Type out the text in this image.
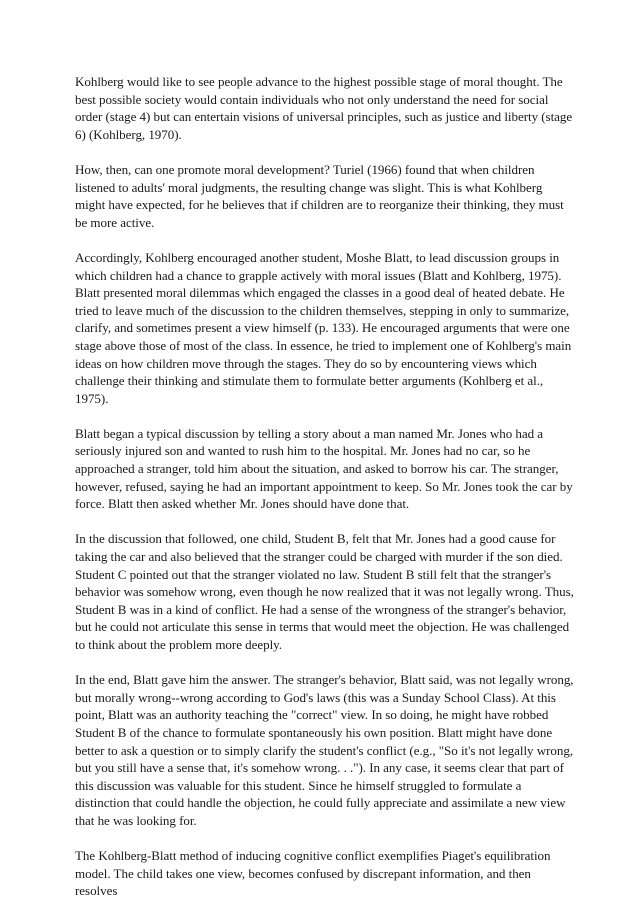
Kohlberg would like to see people advance to the highest possible stage of moral thought. The best possible society would contain individuals who not only understand the need for social order (stage 4) but can entertain visions of universal principles, such as justice and liberty (stage 6) (Kohlberg, 1970).

How, then, can one promote moral development? Turiel (1966) found that when children listened to adults' moral judgments, the resulting change was slight. This is what Kohlberg might have expected, for he believes that if children are to reorganize their thinking, they must be more active.

Accordingly, Kohlberg encouraged another student, Moshe Blatt, to lead discussion groups in which children had a chance to grapple actively with moral issues (Blatt and Kohlberg, 1975). Blatt presented moral dilemmas which engaged the classes in a good deal of heated debate. He tried to leave much of the discussion to the children themselves, stepping in only to summarize, clarify, and sometimes present a view himself (p. 133). He encouraged arguments that were one stage above those of most of the class. In essence, he tried to implement one of Kohlberg's main ideas on how children move through the stages. They do so by encountering views which challenge their thinking and stimulate them to formulate better arguments (Kohlberg et al., 1975).

Blatt began a typical discussion by telling a story about a man named Mr. Jones who had a seriously injured son and wanted to rush him to the hospital. Mr. Jones had no car, so he approached a stranger, told him about the situation, and asked to borrow his car. The stranger, however, refused, saying he had an important appointment to keep. So Mr. Jones took the car by force. Blatt then asked whether Mr. Jones should have done that.

In the discussion that followed, one child, Student B, felt that Mr. Jones had a good cause for taking the car and also believed that the stranger could be charged with murder if the son died. Student C pointed out that the stranger violated no law. Student B still felt that the stranger's behavior was somehow wrong, even though he now realized that it was not legally wrong. Thus, Student B was in a kind of conflict. He had a sense of the wrongness of the stranger's behavior, but he could not articulate this sense in terms that would meet the objection. He was challenged to think about the problem more deeply.

In the end, Blatt gave him the answer. The stranger's behavior, Blatt said, was not legally wrong, but morally wrong--wrong according to God's laws (this was a Sunday School Class). At this point, Blatt was an authority teaching the "correct" view. In so doing, he might have robbed Student B of the chance to formulate spontaneously his own position. Blatt might have done better to ask a question or to simply clarify the student's conflict (e.g., "So it's not legally wrong, but you still have a sense that, it's somehow wrong. . ."). In any case, it seems clear that part of this discussion was valuable for this student. Since he himself struggled to formulate a distinction that could handle the objection, he could fully appreciate and assimilate a new view that he was looking for.

The Kohlberg-Blatt method of inducing cognitive conflict exemplifies Piaget's equilibration model. The child takes one view, becomes confused by discrepant information, and then resolves
